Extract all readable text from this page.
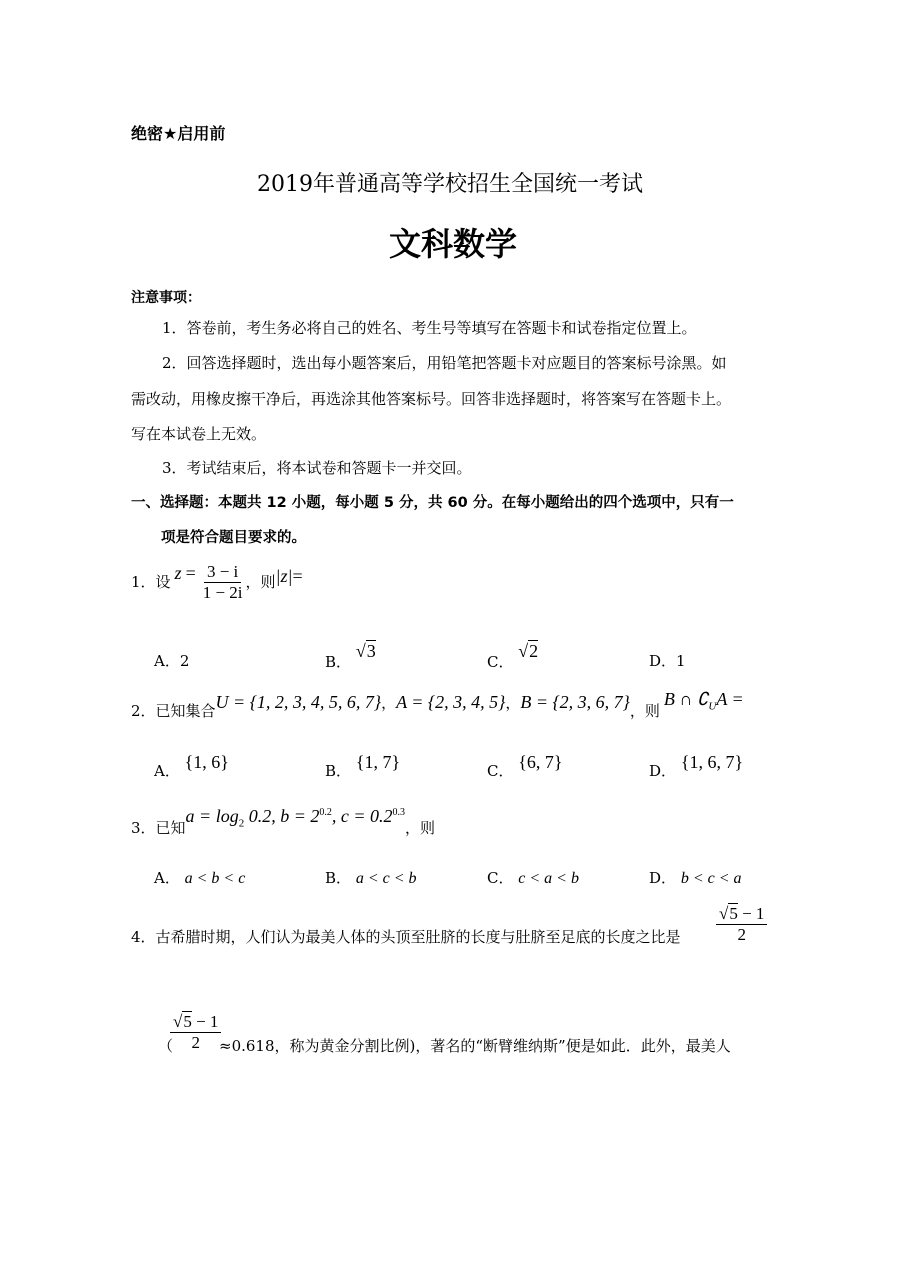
绝密★启用前
2019年普通高等学校招生全国统一考试
文科数学
注意事项：
1．答卷前，考生务必将自己的姓名、考生号等填写在答题卡和试卷指定位置上。
2．回答选择题时，选出每小题答案后，用铅笔把答题卡对应题目的答案标号涂黑。如
需改动，用橡皮擦干净后，再选涂其他答案标号。回答非选择题时，将答案写在答题卡上。
写在本试卷上无效。
3．考试结束后，将本试卷和答题卡一并交回。
一、选择题：本题共 12 小题，每小题 5 分，共 60 分。在每小题给出的四个选项中，只有一
项是符合题目要求的。
1．设 $z = \frac{3 - i}{1 - 2i}$ ，则 |z| =
A．2	B． √3
C． √2	D．1
2．已知集合 U = {1, 2, 3, 4, 5, 6, 7} ， A = {2, 3, 4, 5} ， B = {2, 3, 6, 7} ，则
B ∩ $∁_UA$ =
A． {1, 6}	B． {1, 7}	C． {6, 7}	D． {1, 6, 7}
3．已知
$a = \log_2 0.2$, $b = 2^{0.2}$, $c = 0.2^{0.3}$
，则
A． a < b < c	B． a < c < b	C． c < a < b	D． b < c < a
4．古希腊时期，人们认为最美人体的头顶至肚脐的长度与肚脐至足底的长度之比是 $\frac{√5 - 1}{2}$
（
$\frac{√5 - 1}{2}$
≈0.618，称为黄金分割比例)，著名的“断臂维纳斯”便是如此．此外，最美人
